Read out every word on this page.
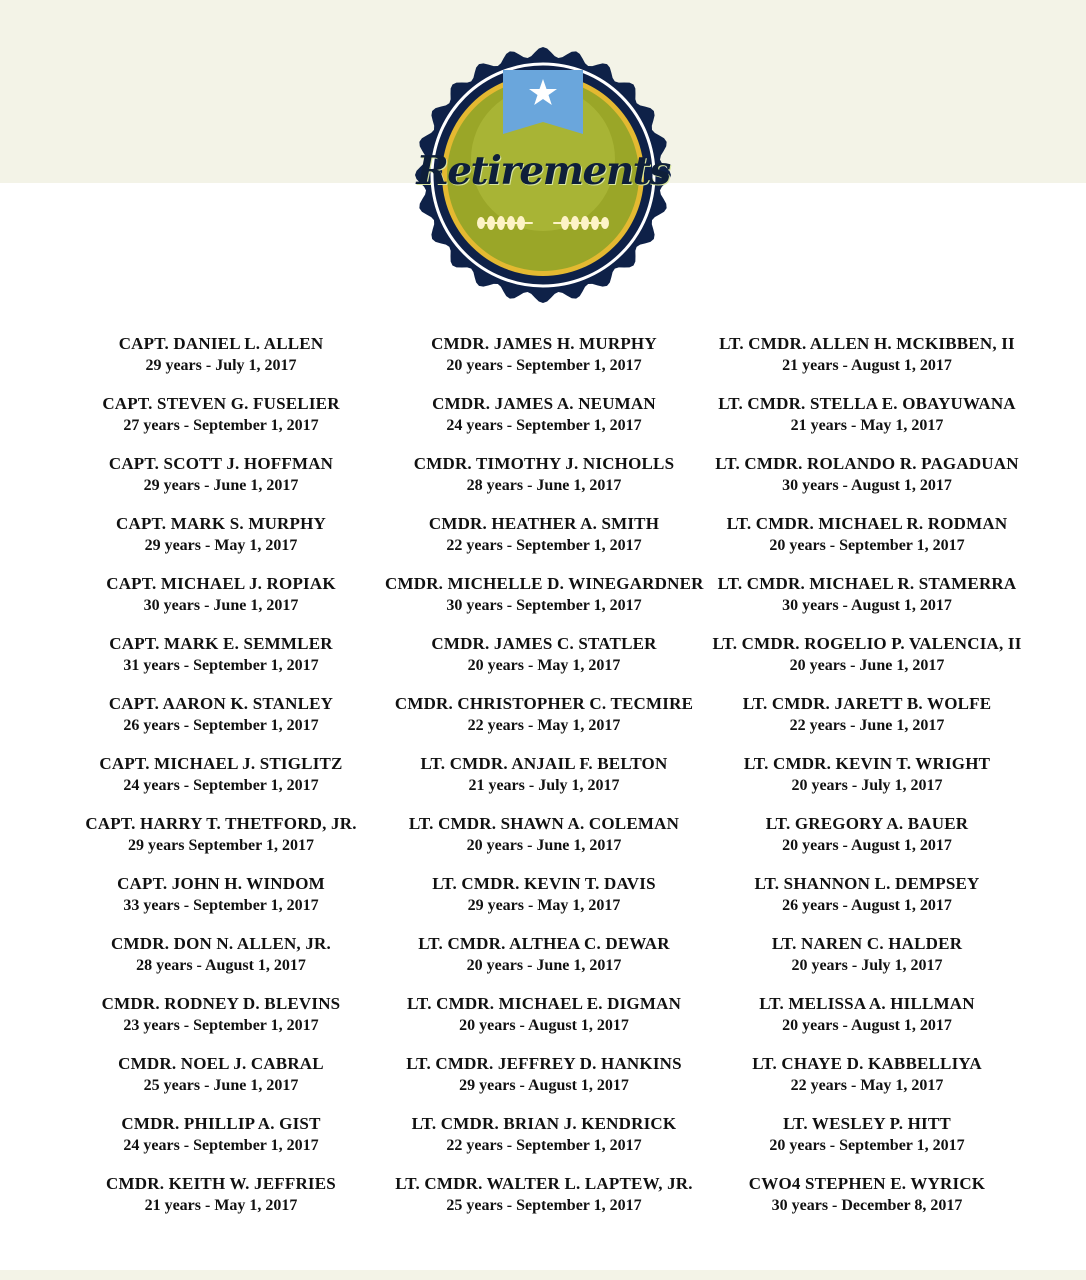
Retirements
CAPT. DANIEL L. ALLEN
29 years - July 1, 2017
CAPT. STEVEN G. FUSELIER
27 years - September 1, 2017
CAPT. SCOTT J. HOFFMAN
29 years - June 1, 2017
CAPT. MARK S. MURPHY
29 years - May 1, 2017
CAPT. MICHAEL J. ROPIAK
30 years - June 1, 2017
CAPT. MARK E. SEMMLER
31 years - September 1, 2017
CAPT. AARON K. STANLEY
26 years - September 1, 2017
CAPT. MICHAEL J. STIGLITZ
24 years - September 1, 2017
CAPT. HARRY T. THETFORD, JR.
29 years September 1, 2017
CAPT. JOHN H. WINDOM
33 years - September 1, 2017
CMDR. DON N. ALLEN, JR.
28 years - August 1, 2017
CMDR. RODNEY D. BLEVINS
23 years - September 1, 2017
CMDR. NOEL J. CABRAL
25 years - June 1, 2017
CMDR. PHILLIP A. GIST
24 years - September 1, 2017
CMDR. KEITH W. JEFFRIES
21 years - May 1, 2017
CMDR. JAMES H. MURPHY
20 years - September 1, 2017
CMDR. JAMES A. NEUMAN
24 years - September 1, 2017
CMDR. TIMOTHY J. NICHOLLS
28 years - June 1, 2017
CMDR. HEATHER A. SMITH
22 years - September 1, 2017
CMDR. MICHELLE D. WINEGARDNER
30 years - September 1, 2017
CMDR. JAMES C. STATLER
20 years - May 1, 2017
CMDR. CHRISTOPHER C. TECMIRE
22 years - May 1, 2017
LT. CMDR. ANJAIL F. BELTON
21 years - July 1, 2017
LT. CMDR. SHAWN A. COLEMAN
20 years - June 1, 2017
LT. CMDR. KEVIN T. DAVIS
29 years - May 1, 2017
LT. CMDR. ALTHEA C. DEWAR
20 years - June 1, 2017
LT. CMDR. MICHAEL E. DIGMAN
20 years - August 1, 2017
LT. CMDR. JEFFREY D. HANKINS
29 years - August 1, 2017
LT. CMDR. BRIAN J. KENDRICK
22 years - September 1, 2017
LT. CMDR. WALTER L. LAPTEW, JR.
25 years - September 1, 2017
LT. CMDR. ALLEN H. MCKIBBEN, II
21 years - August 1, 2017
LT. CMDR. STELLA E. OBAYUWANA
21 years - May 1, 2017
LT. CMDR. ROLANDO R. PAGADUAN
30 years - August 1, 2017
LT. CMDR. MICHAEL R. RODMAN
20 years - September 1, 2017
LT. CMDR. MICHAEL R. STAMERRA
30 years - August 1, 2017
LT. CMDR. ROGELIO P. VALENCIA, II
20 years - June 1, 2017
LT. CMDR. JARETT B. WOLFE
22 years - June 1, 2017
LT. CMDR. KEVIN T. WRIGHT
20 years - July 1, 2017
LT. GREGORY A. BAUER
20 years - August 1, 2017
LT. SHANNON L. DEMPSEY
26 years - August 1, 2017
LT. NAREN C. HALDER
20 years - July 1, 2017
LT. MELISSA A. HILLMAN
20 years - August 1, 2017
LT. CHAYE D. KABBELLIYA
22 years - May 1, 2017
LT. WESLEY P. HITT
20 years - September 1, 2017
CWO4 STEPHEN E. WYRICK
30 years - December 8, 2017
